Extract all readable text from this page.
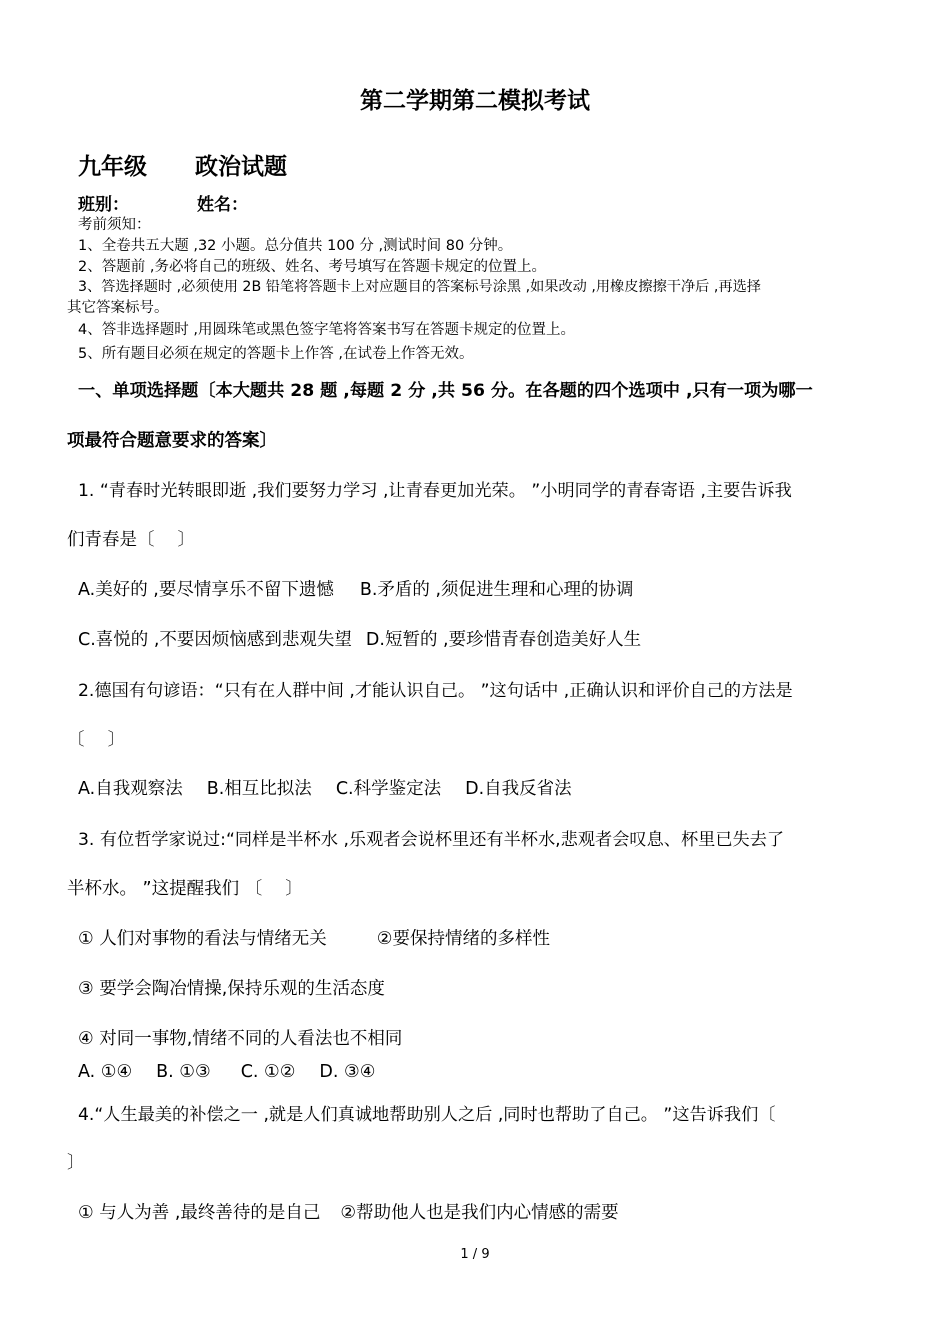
第二学期第二模拟考试
九年级 政治试题
班别：	姓名：
考前须知：
1、全卷共五大题 ,32 小题。总分值共 100 分 ,测试时间 80 分钟。
2、答题前 ,务必将自己的班级、姓名、考号填写在答题卡规定的位置上。
3、答选择题时 ,必须使用 2B 铅笔将答题卡上对应题目的答案标号涂黑 ,如果改动 ,用橡皮擦擦干净后 ,再选择
其它答案标号。
4、答非选择题时 ,用圆珠笔或黑色签字笔将答案书写在答题卡规定的位置上。
5、所有题目必须在规定的答题卡上作答 ,在试卷上作答无效。
一、单项选择题〔本大题共 28 题 ,每题 2 分 ,共 56 分。在各题的四个选项中 ,只有一项为哪一
项最符合题意要求的答案〕
1. “青春时光转眼即逝 ,我们要努力学习 ,让青春更加光荣。 ”小明同学的青春寄语 ,主要告诉我
们青春是〔　 〕
A.美好的 ,要尽情享乐不留下遗憾 B.矛盾的 ,须促进生理和心理的协调
C.喜悦的 ,不要因烦恼感到悲观失望 D.短暂的 ,要珍惜青春创造美好人生
2.德国有句谚语：“只有在人群中间 ,才能认识自己。 ”这句话中 ,正确认识和评价自己的方法是
〔　 〕
A.自我观察法 B.相互比拟法 C.科学鉴定法 D.自我反省法
3. 有位哲学家说过:“同样是半杯水 ,乐观者会说杯里还有半杯水,悲观者会叹息、杯里已失去了
半杯水。 ”这提醒我们 〔　 〕
① 人们对事物的看法与情绪无关	②要保持情绪的多样性
③ 要学会陶冶情操,保持乐观的生活态度
④ 对同一事物,情绪不同的人看法也不相同
A. ①④ B. ①③ C. ①② D. ③④
4.“人生最美的补偿之一 ,就是人们真诚地帮助别人之后 ,同时也帮助了自己。 ”这告诉我们〔
〕
① 与人为善 ,最终善待的是自己 ②帮助他人也是我们内心情感的需要
1 / 9
